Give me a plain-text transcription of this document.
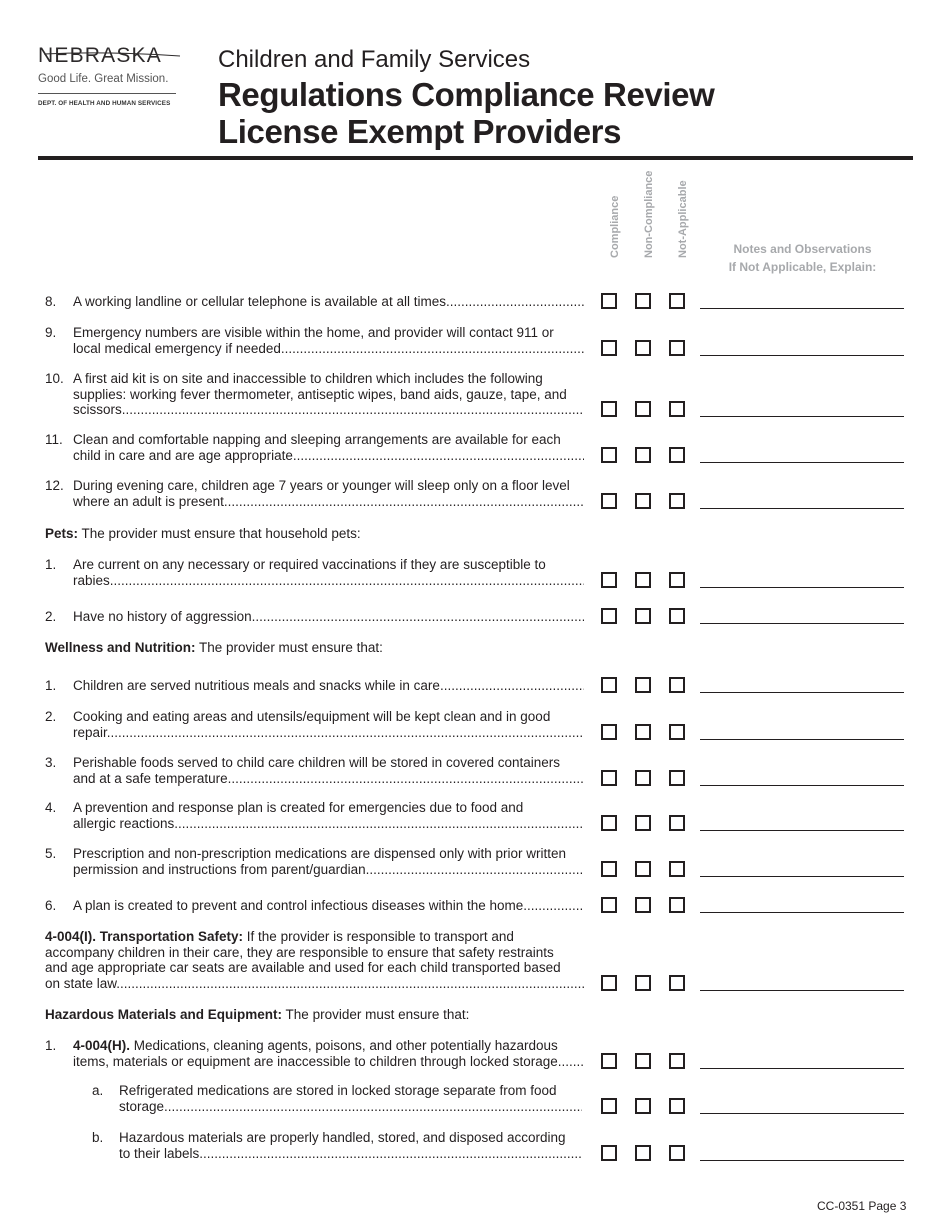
NEBRASKA
Good Life. Great Mission.
DEPT. OF HEALTH AND HUMAN SERVICES
Children and Family Services
Regulations Compliance Review
License Exempt Providers
Compliance Non-Compliance Not-Applicable	Notes and Observations
If Not Applicable, Explain:
Pets: The provider must ensure that household pets:
Wellness and Nutrition: The provider must ensure that:
Hazardous Materials and Equipment: The provider must ensure that:
8. A working landline or cellular telephone is available at all times .....
9. Emergency numbers are visible within the home, and provider will contact 911 or
local medical emergency if needed .....
10. A first aid kit is on site and inaccessible to children which includes the following
supplies: working fever thermometer, antiseptic wipes, band aids, gauze, tape, and
scissors .....
11. Clean and comfortable napping and sleeping arrangements are available for each
child in care and are age appropriate .....
12. During evening care, children age 7 years or younger will sleep only on a floor level
where an adult is present .....
1. Are current on any necessary or required vaccinations if they are susceptible to
rabies .....
2. Have no history of aggression .....
1. Children are served nutritious meals and snacks while in care .....
2. Cooking and eating areas and utensils/equipment will be kept clean and in good
repair .....
3. Perishable foods served to child care children will be stored in covered containers
and at a safe temperature .....
4. A prevention and response plan is created for emergencies due to food and
allergic reactions .....
5. Prescription and non-prescription medications are dispensed only with prior written
permission and instructions from parent/guardian .....
6. A plan is created to prevent and control infectious diseases within the home .....
4-004(I). Transportation Safety: If the provider is responsible to transport and
accompany children in their care, they are responsible to ensure that safety restraints
and age appropriate car seats are available and used for each child transported based
on state law .....
1. 4-004(H). Medications, cleaning agents, poisons, and other potentially hazardous
items, materials or equipment are inaccessible to children through locked storage .....
a. Refrigerated medications are stored in locked storage separate from food
storage .....
b. Hazardous materials are properly handled, stored, and disposed according
to their labels .....
CC-0351 Page 3
